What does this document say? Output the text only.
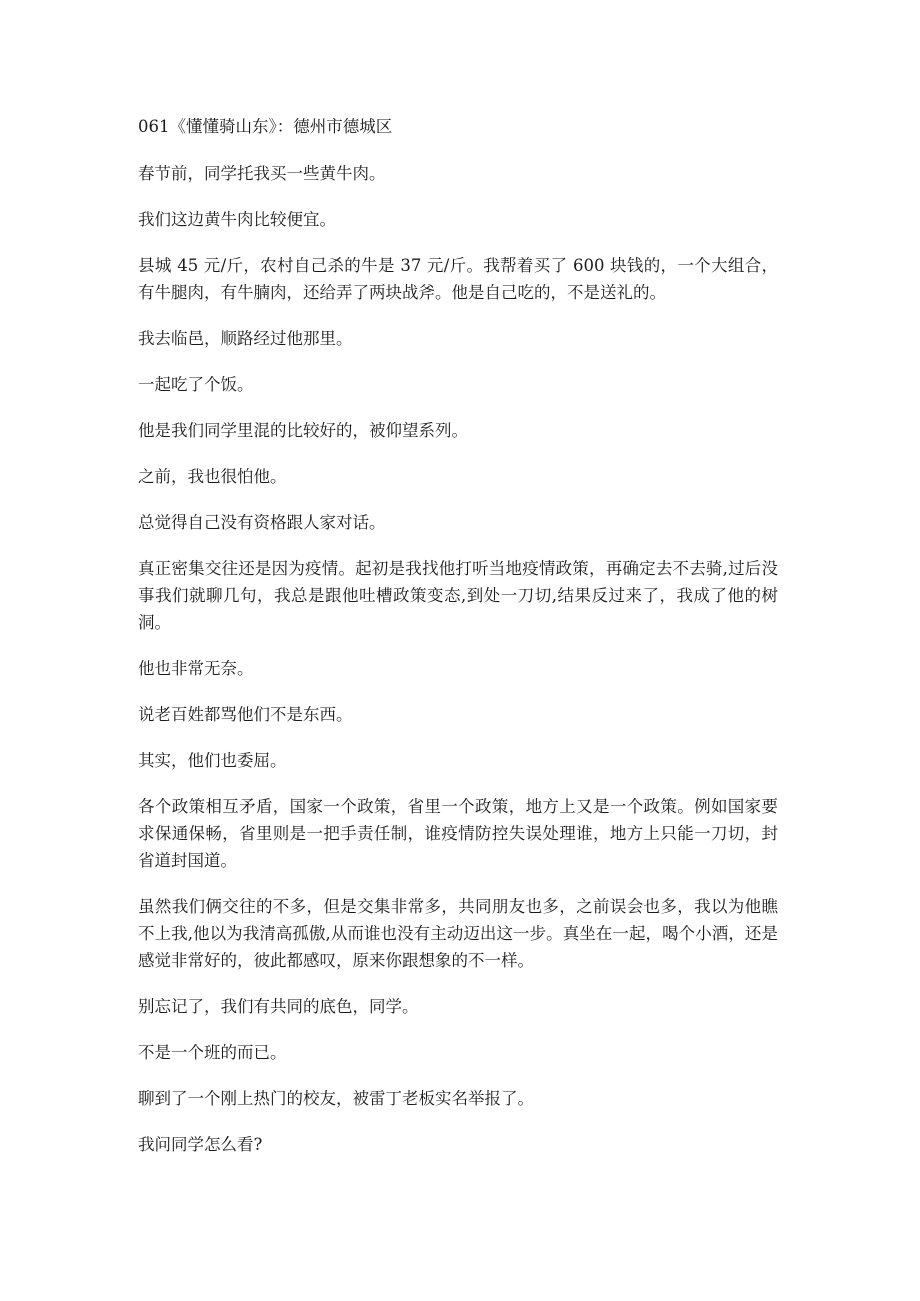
061《懂懂骑山东》：德州市德城区

春节前，同学托我买一些黄牛肉。

我们这边黄牛肉比较便宜。

县城 45 元/斤，农村自己杀的牛是 37 元/斤。我帮着买了 600 块钱的，一个大组合，有牛腿肉，有牛腩肉，还给弄了两块战斧。他是自己吃的，不是送礼的。

我去临邑，顺路经过他那里。

一起吃了个饭。

他是我们同学里混的比较好的，被仰望系列。

之前，我也很怕他。

总觉得自己没有资格跟人家对话。

真正密集交往还是因为疫情。起初是我找他打听当地疫情政策，再确定去不去骑,过后没事我们就聊几句，我总是跟他吐槽政策变态,到处一刀切,结果反过来了，我成了他的树洞。

他也非常无奈。

说老百姓都骂他们不是东西。

其实，他们也委屈。

各个政策相互矛盾，国家一个政策，省里一个政策，地方上又是一个政策。例如国家要求保通保畅，省里则是一把手责任制，谁疫情防控失误处理谁，地方上只能一刀切，封省道封国道。

虽然我们俩交往的不多，但是交集非常多，共同朋友也多，之前误会也多，我以为他瞧不上我,他以为我清高孤傲,从而谁也没有主动迈出这一步。真坐在一起，喝个小酒，还是感觉非常好的，彼此都感叹，原来你跟想象的不一样。

别忘记了，我们有共同的底色，同学。

不是一个班的而已。

聊到了一个刚上热门的校友，被雷丁老板实名举报了。

我问同学怎么看?
